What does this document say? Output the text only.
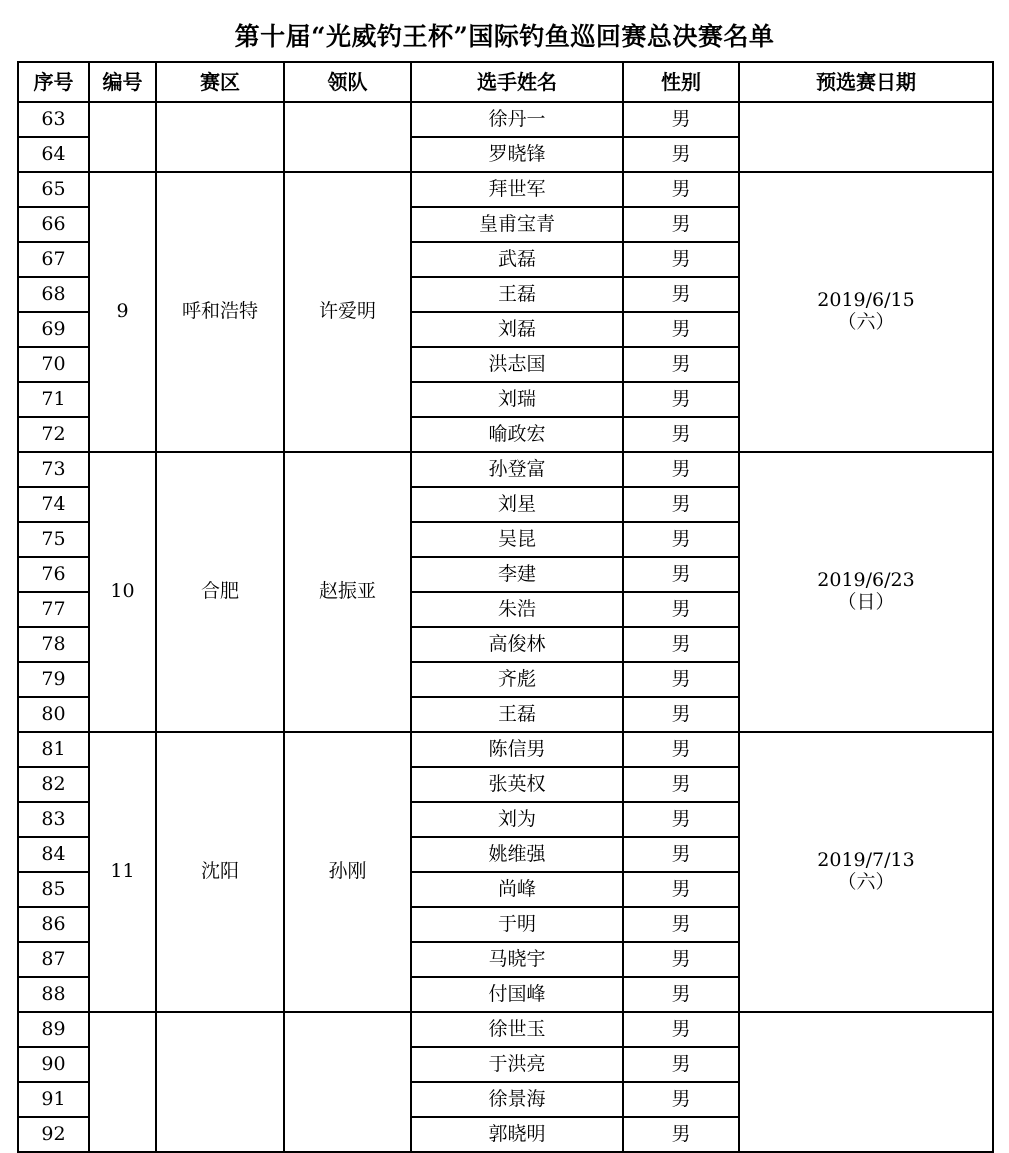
第十届“光威钓王杯”国际钓鱼巡回赛总决赛名单
序号	编号	赛区	领队	选手姓名	性别	预选赛日期
63				徐丹一	男	
64				罗晓锋	男	
65	9	呼和浩特	许爱明	拜世军	男	2019/6/15
（六）

66				皇甫宝青	男	
67				武磊	男	
68				王磊	男	
69				刘磊	男	
70				洪志国	男	
71				刘瑞	男	
72				喻政宏	男	
73	10	合肥	赵振亚	孙登富	男	2019/6/23
（日）

74				刘星	男	
75				吴昆	男	
76				李建	男	
77				朱浩	男	
78				高俊林	男	
79				齐彪	男	
80				王磊	男	
81	11	沈阳	孙刚	陈信男	男	2019/7/13
（六）

82				张英权	男	
83				刘为	男	
84				姚维强	男	
85				尚峰	男	
86				于明	男	
87				马晓宇	男	
88				付国峰	男	
89				徐世玉	男	
90				于洪亮	男	
91				徐景海	男	
92				郭晓明	男	
